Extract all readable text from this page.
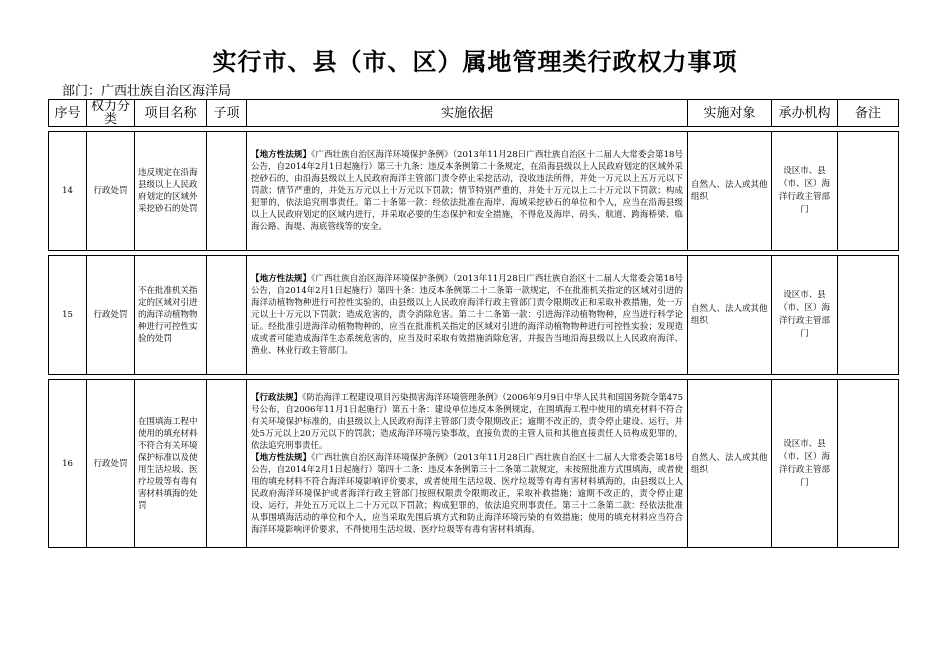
实行市、县（市、区）属地管理类行政权力事项
部门：广西壮族自治区海洋局
序号	权力分类	项目名称	子项	实施依据	实施对象	承办机构	备注

14	行政处罚	违反规定在沿海县级以上人民政府划定的区域外采挖砂石的处罚		【地方性法规】《广西壮族自治区海洋环境保护条例》（2013年11月28日广西壮族自治区十二届人大常委会第18号公告，自2014年2月1日起施行）第三十九条：违反本条例第二十条规定，在沿海县级以上人民政府划定的区域外采挖砂石的，由沿海县级以上人民政府海洋主管部门责令停止采挖活动，没收违法所得，并处一万元以上五万元以下罚款；情节严重的，并处五万元以上十万元以下罚款；情节特别严重的，并处十万元以上二十万元以下罚款；构成犯罪的，依法追究刑事责任。第二十条第一款：经依法批准在海岸、海域采挖砂石的单位和个人，应当在沿海县级以上人民政府划定的区域内进行，并采取必要的生态保护和安全措施，不得危及海岸、码头、航道、跨海桥梁、临海公路、海堤、海底管线等的安全。	自然人、法人或其他组织	设区市、县（市、区）海洋行政主管部门	

15	行政处罚	不在批准机关指定的区域对引进的海洋动植物物种进行可控性实验的处罚		【地方性法规】《广西壮族自治区海洋环境保护条例》（2013年11月28日广西壮族自治区十二届人大常委会第18号公告，自2014年2月1日起施行）第四十条：违反本条例第二十二条第一款规定，不在批准机关指定的区域对引进的海洋动植物物种进行可控性实验的，由县级以上人民政府海洋行政主管部门责令限期改正和采取补救措施，处一万元以上十万元以下罚款；造成危害的，责令消除危害。第二十二条第一款：引进海洋动植物物种，应当进行科学论证。经批准引进海洋动植物物种的，应当在批准机关指定的区域对引进的海洋动植物物种进行可控性实验；发现造成或者可能造成海洋生态系统危害的，应当及时采取有效措施消除危害，并报告当地沿海县级以上人民政府海洋、渔业、林业行政主管部门。	自然人、法人或其他组织	设区市、县（市、区）海洋行政主管部门	

16	行政处罚	在围填海工程中使用的填充材料不符合有关环境保护标准以及使用生活垃圾、医疗垃圾等有毒有害材料填海的处罚		【行政法规】《防治海洋工程建设项目污染损害海洋环境管理条例》（2006年9月9日中华人民共和国国务院令第475号公布，自2006年11月1日起施行）第五十条：建设单位违反本条例规定，在围填海工程中使用的填充材料不符合有关环境保护标准的，由县级以上人民政府海洋主管部门责令限期改正；逾期不改正的，责令停止建设、运行，并处5万元以上20万元以下的罚款；造成海洋环境污染事故，直接负责的主管人员和其他直接责任人员构成犯罪的，依法追究刑事责任。
【地方性法规】《广西壮族自治区海洋环境保护条例》（2013年11月28日广西壮族自治区十二届人大常委会第18号公告，自2014年2月1日起施行）第四十二条：违反本条例第三十二条第二款规定，未按照批准方式围填海，或者使用的填充材料不符合海洋环境影响评价要求，或者使用生活垃圾、医疗垃圾等有毒有害材料填海的，由县级以上人民政府海洋环境保护或者海洋行政主管部门按照权限责令限期改正，采取补救措施；逾期不改正的，责令停止建设、运行，并处五万元以上二十万元以下罚款；构成犯罪的，依法追究刑事责任。第三十二条第二款：经依法批准从事围填海活动的单位和个人，应当采取先围后填方式和防止海洋环境污染的有效措施；使用的填充材料应当符合海洋环境影响评价要求，不得使用生活垃圾、医疗垃圾等有毒有害材料填海。	自然人、法人或其他组织	设区市、县（市、区）海洋行政主管部门	
